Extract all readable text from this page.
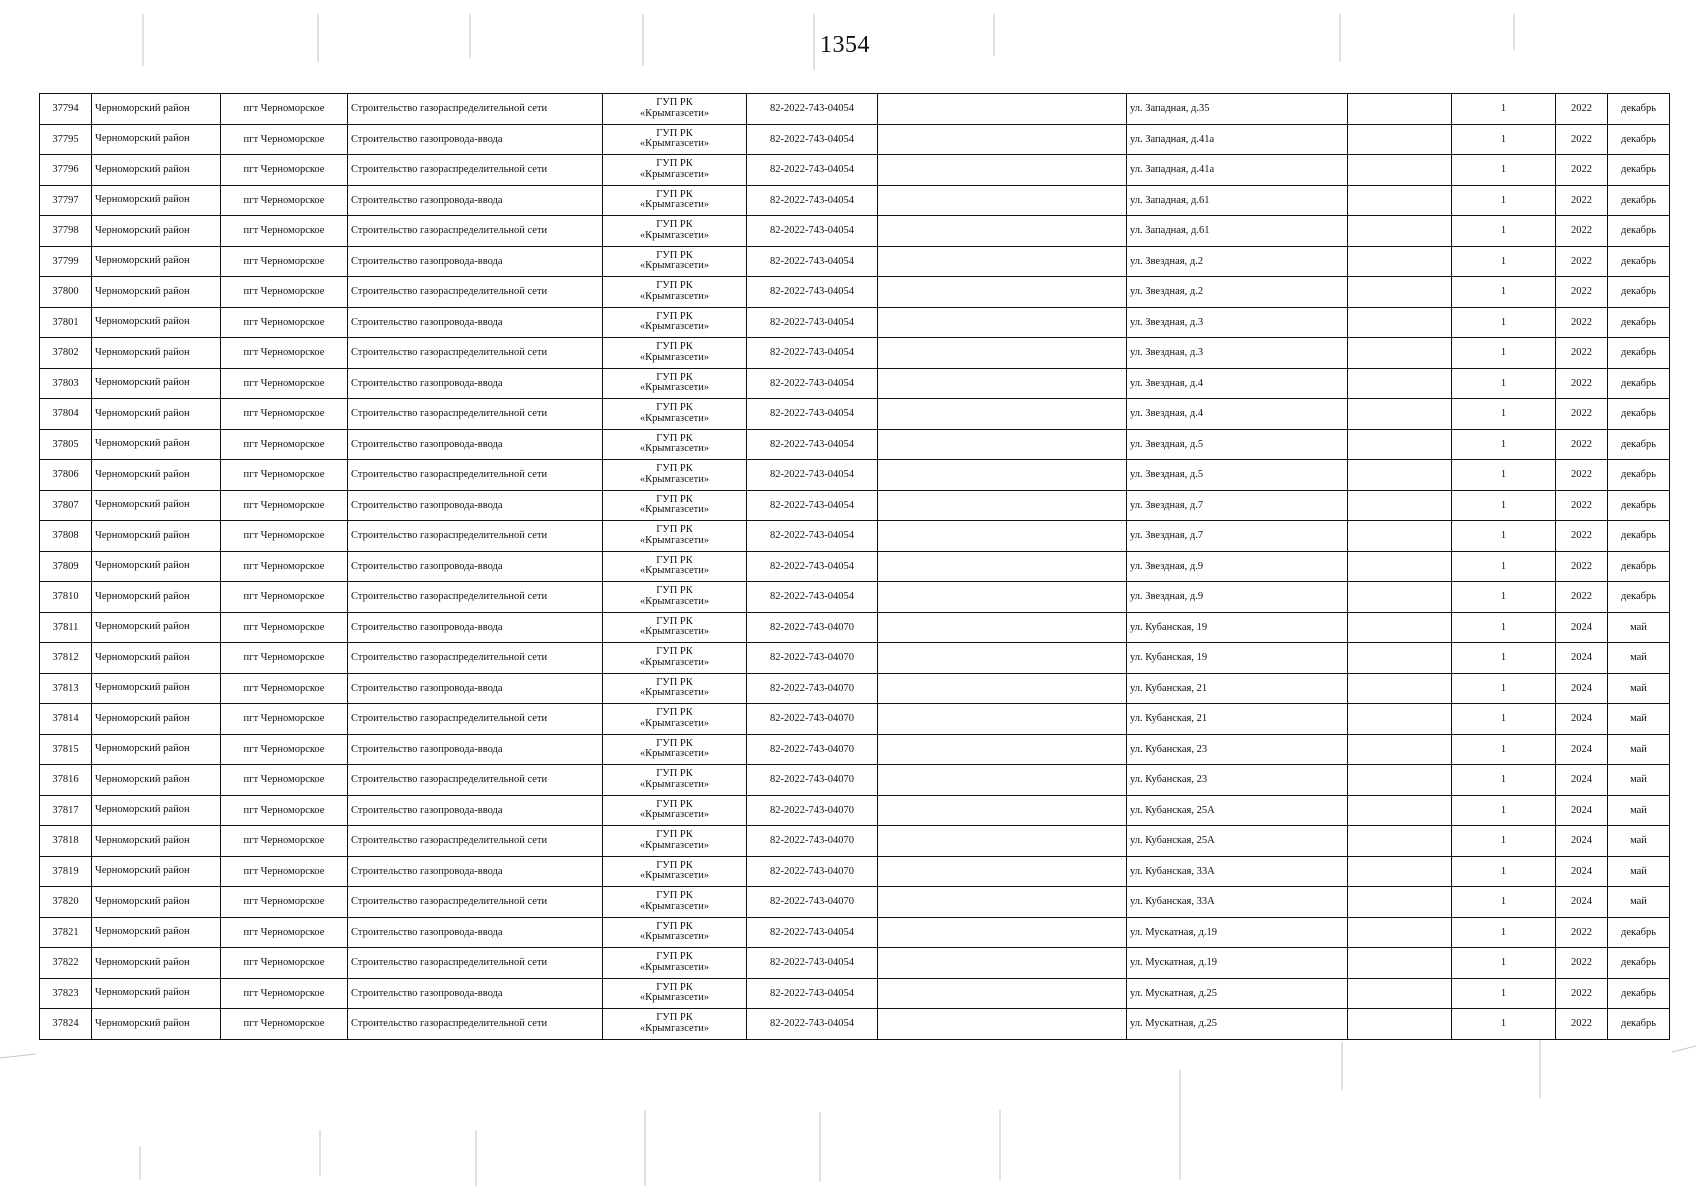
1354
37794	Черноморский район	пгт Черноморское	Строительство газораспределительной сети	ГУП РК
«Крымгазсети»	82-2022-743-04054		ул. Западная, д.35		1	2022	декабрь
37795	Черноморский район	пгт Черноморское	Строительство газопровода-ввода	ГУП РК
«Крымгазсети»	82-2022-743-04054		ул. Западная, д.41а		1	2022	декабрь
37796	Черноморский район	пгт Черноморское	Строительство газораспределительной сети	ГУП РК
«Крымгазсети»	82-2022-743-04054		ул. Западная, д.41а		1	2022	декабрь
37797	Черноморский район	пгт Черноморское	Строительство газопровода-ввода	ГУП РК
«Крымгазсети»	82-2022-743-04054		ул. Западная, д.61		1	2022	декабрь
37798	Черноморский район	пгт Черноморское	Строительство газораспределительной сети	ГУП РК
«Крымгазсети»	82-2022-743-04054		ул. Западная, д.61		1	2022	декабрь
37799	Черноморский район	пгт Черноморское	Строительство газопровода-ввода	ГУП РК
«Крымгазсети»	82-2022-743-04054		ул. Звездная, д.2		1	2022	декабрь
37800	Черноморский район	пгт Черноморское	Строительство газораспределительной сети	ГУП РК
«Крымгазсети»	82-2022-743-04054		ул. Звездная, д.2		1	2022	декабрь
37801	Черноморский район	пгт Черноморское	Строительство газопровода-ввода	ГУП РК
«Крымгазсети»	82-2022-743-04054		ул. Звездная, д.3		1	2022	декабрь
37802	Черноморский район	пгт Черноморское	Строительство газораспределительной сети	ГУП РК
«Крымгазсети»	82-2022-743-04054		ул. Звездная, д.3		1	2022	декабрь
37803	Черноморский район	пгт Черноморское	Строительство газопровода-ввода	ГУП РК
«Крымгазсети»	82-2022-743-04054		ул. Звездная, д.4		1	2022	декабрь
37804	Черноморский район	пгт Черноморское	Строительство газораспределительной сети	ГУП РК
«Крымгазсети»	82-2022-743-04054		ул. Звездная, д.4		1	2022	декабрь
37805	Черноморский район	пгт Черноморское	Строительство газопровода-ввода	ГУП РК
«Крымгазсети»	82-2022-743-04054		ул. Звездная, д.5		1	2022	декабрь
37806	Черноморский район	пгт Черноморское	Строительство газораспределительной сети	ГУП РК
«Крымгазсети»	82-2022-743-04054		ул. Звездная, д.5		1	2022	декабрь
37807	Черноморский район	пгт Черноморское	Строительство газопровода-ввода	ГУП РК
«Крымгазсети»	82-2022-743-04054		ул. Звездная, д.7		1	2022	декабрь
37808	Черноморский район	пгт Черноморское	Строительство газораспределительной сети	ГУП РК
«Крымгазсети»	82-2022-743-04054		ул. Звездная, д.7		1	2022	декабрь
37809	Черноморский район	пгт Черноморское	Строительство газопровода-ввода	ГУП РК
«Крымгазсети»	82-2022-743-04054		ул. Звездная, д.9		1	2022	декабрь
37810	Черноморский район	пгт Черноморское	Строительство газораспределительной сети	ГУП РК
«Крымгазсети»	82-2022-743-04054		ул. Звездная, д.9		1	2022	декабрь
37811	Черноморский район	пгт Черноморское	Строительство газопровода-ввода	ГУП РК
«Крымгазсети»	82-2022-743-04070		ул. Кубанская, 19		1	2024	май
37812	Черноморский район	пгт Черноморское	Строительство газораспределительной сети	ГУП РК
«Крымгазсети»	82-2022-743-04070		ул. Кубанская, 19		1	2024	май
37813	Черноморский район	пгт Черноморское	Строительство газопровода-ввода	ГУП РК
«Крымгазсети»	82-2022-743-04070		ул. Кубанская, 21		1	2024	май
37814	Черноморский район	пгт Черноморское	Строительство газораспределительной сети	ГУП РК
«Крымгазсети»	82-2022-743-04070		ул. Кубанская, 21		1	2024	май
37815	Черноморский район	пгт Черноморское	Строительство газопровода-ввода	ГУП РК
«Крымгазсети»	82-2022-743-04070		ул. Кубанская, 23		1	2024	май
37816	Черноморский район	пгт Черноморское	Строительство газораспределительной сети	ГУП РК
«Крымгазсети»	82-2022-743-04070		ул. Кубанская, 23		1	2024	май
37817	Черноморский район	пгт Черноморское	Строительство газопровода-ввода	ГУП РК
«Крымгазсети»	82-2022-743-04070		ул. Кубанская, 25А		1	2024	май
37818	Черноморский район	пгт Черноморское	Строительство газораспределительной сети	ГУП РК
«Крымгазсети»	82-2022-743-04070		ул. Кубанская, 25А		1	2024	май
37819	Черноморский район	пгт Черноморское	Строительство газопровода-ввода	ГУП РК
«Крымгазсети»	82-2022-743-04070		ул. Кубанская, 33А		1	2024	май
37820	Черноморский район	пгт Черноморское	Строительство газораспределительной сети	ГУП РК
«Крымгазсети»	82-2022-743-04070		ул. Кубанская, 33А		1	2024	май
37821	Черноморский район	пгт Черноморское	Строительство газопровода-ввода	ГУП РК
«Крымгазсети»	82-2022-743-04054		ул. Мускатная, д.19		1	2022	декабрь
37822	Черноморский район	пгт Черноморское	Строительство газораспределительной сети	ГУП РК
«Крымгазсети»	82-2022-743-04054		ул. Мускатная, д.19		1	2022	декабрь
37823	Черноморский район	пгт Черноморское	Строительство газопровода-ввода	ГУП РК
«Крымгазсети»	82-2022-743-04054		ул. Мускатная, д.25		1	2022	декабрь
37824	Черноморский район	пгт Черноморское	Строительство газораспределительной сети	ГУП РК
«Крымгазсети»	82-2022-743-04054		ул. Мускатная, д.25		1	2022	декабрь
